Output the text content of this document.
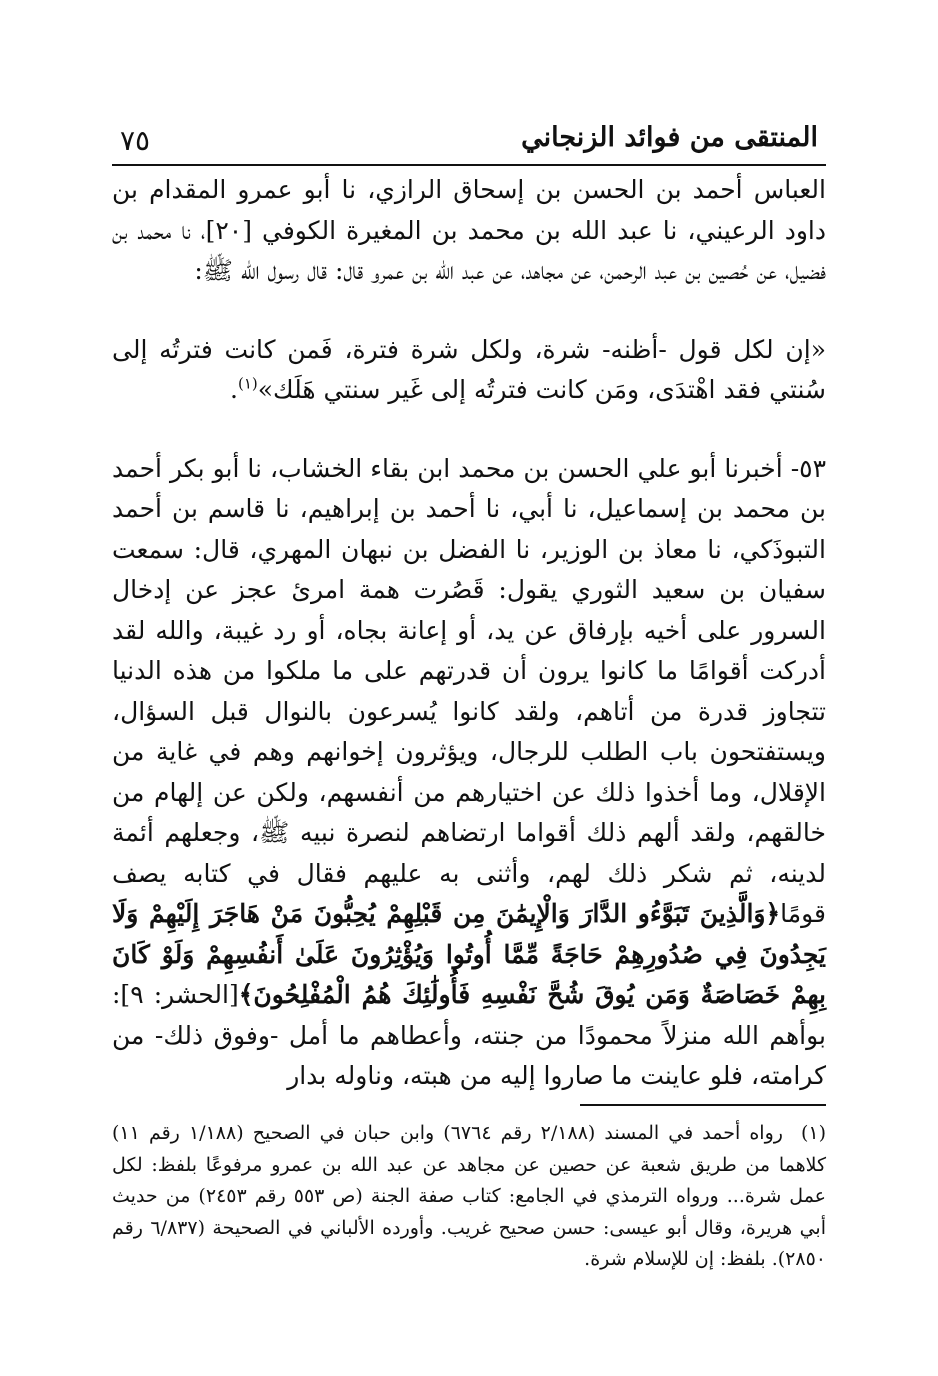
٧٥	المنتقى من فوائد الزنجاني

العباس أحمد بن الحسن بن إسحاق الرازي، نا أبو عمرو المقدام بن داود الرعيني، نا عبد الله بن محمد بن المغيرة الكوفي [٢٠]، نا محمد بن فضيل، عن حُصين بن عبد الرحمن، عن مجاهد، عن عبد الله بن عمرو قال: قال رسول الله ﷺ:

«إن لكل قول -أظنه- شرة، ولكل شرة فترة، فَمن كانت فترتُه إلى سُنتي فقد اهْتدَى، ومَن كانت فترتُه إلى غَير سنتي هَلَك»$^{(١)}$.

٥٣- أخبرنا أبو علي الحسن بن محمد ابن بقاء الخشاب، نا أبو بكر أحمد بن محمد بن إسماعيل، نا أبي، نا أحمد بن إبراهيم، نا قاسم بن أحمد التبوذَكي، نا معاذ بن الوزير، نا الفضل بن نبهان المهري، قال: سمعت سفيان بن سعيد الثوري يقول: قَصُرت همة امرئ عجز عن إدخال السرور على أخيه بإرفاق عن يد، أو إعانة بجاه، أو رد غيبة، والله لقد أدركت أقوامًا ما كانوا يرون أن قدرتهم على ما ملكوا من هذه الدنيا تتجاوز قدرة من أتاهم، ولقد كانوا يُسرعون بالنوال قبل السؤال، ويستفتحون باب الطلب للرجال، ويؤثرون إخوانهم وهم في غاية من الإقلال، وما أخذوا ذلك عن اختيارهم من أنفسهم، ولكن عن إلهام من خالقهم، ولقد ألهم ذلك أقواما ارتضاهم لنصرة نبيه ﷺ، وجعلهم أئمة لدينه، ثم شكر ذلك لهم، وأثنى به عليهم فقال في كتابه يصف قومًا﴿وَالَّذِينَ تَبَوَّءُو الدَّارَ وَالْإِيمَٰنَ مِن قَبْلِهِمْ يُحِبُّونَ مَنْ هَاجَرَ إِلَيْهِمْ وَلَا يَجِدُونَ فِي صُدُورِهِمْ حَاجَةً مِّمَّا أُوتُوا وَيُؤْثِرُونَ عَلَىٰ أَنفُسِهِمْ وَلَوْ كَانَ بِهِمْ خَصَاصَةٌ وَمَن يُوقَ شُحَّ نَفْسِهِ فَأُولَٰئِكَ هُمُ الْمُفْلِحُونَ﴾[الحشر: ٩]: بوأهم الله منزلاً محمودًا من جنته، وأعطاهم ما أمل -وفوق ذلك- من كرامته، فلو عاينت ما صاروا إليه من هبته، وناوله بدار

(١)رواه أحمد في المسند (٢/١٨٨ رقم ٦٧٦٤) وابن حبان في الصحيح (١/١٨٨ رقم ١١) كلاهما من طريق شعبة عن حصين عن مجاهد عن عبد الله بن عمرو مرفوعًا بلفظ: لكل عمل شرة... ورواه الترمذي في الجامع: كتاب صفة الجنة (ص ٥٥٣ رقم ٢٤٥٣) من حديث أبي هريرة، وقال أبو عيسى: حسن صحيح غريب. وأورده الألباني في الصحيحة (٦/٨٣٧ رقم ٢٨٥٠). بلفظ: إن للإسلام شرة.
